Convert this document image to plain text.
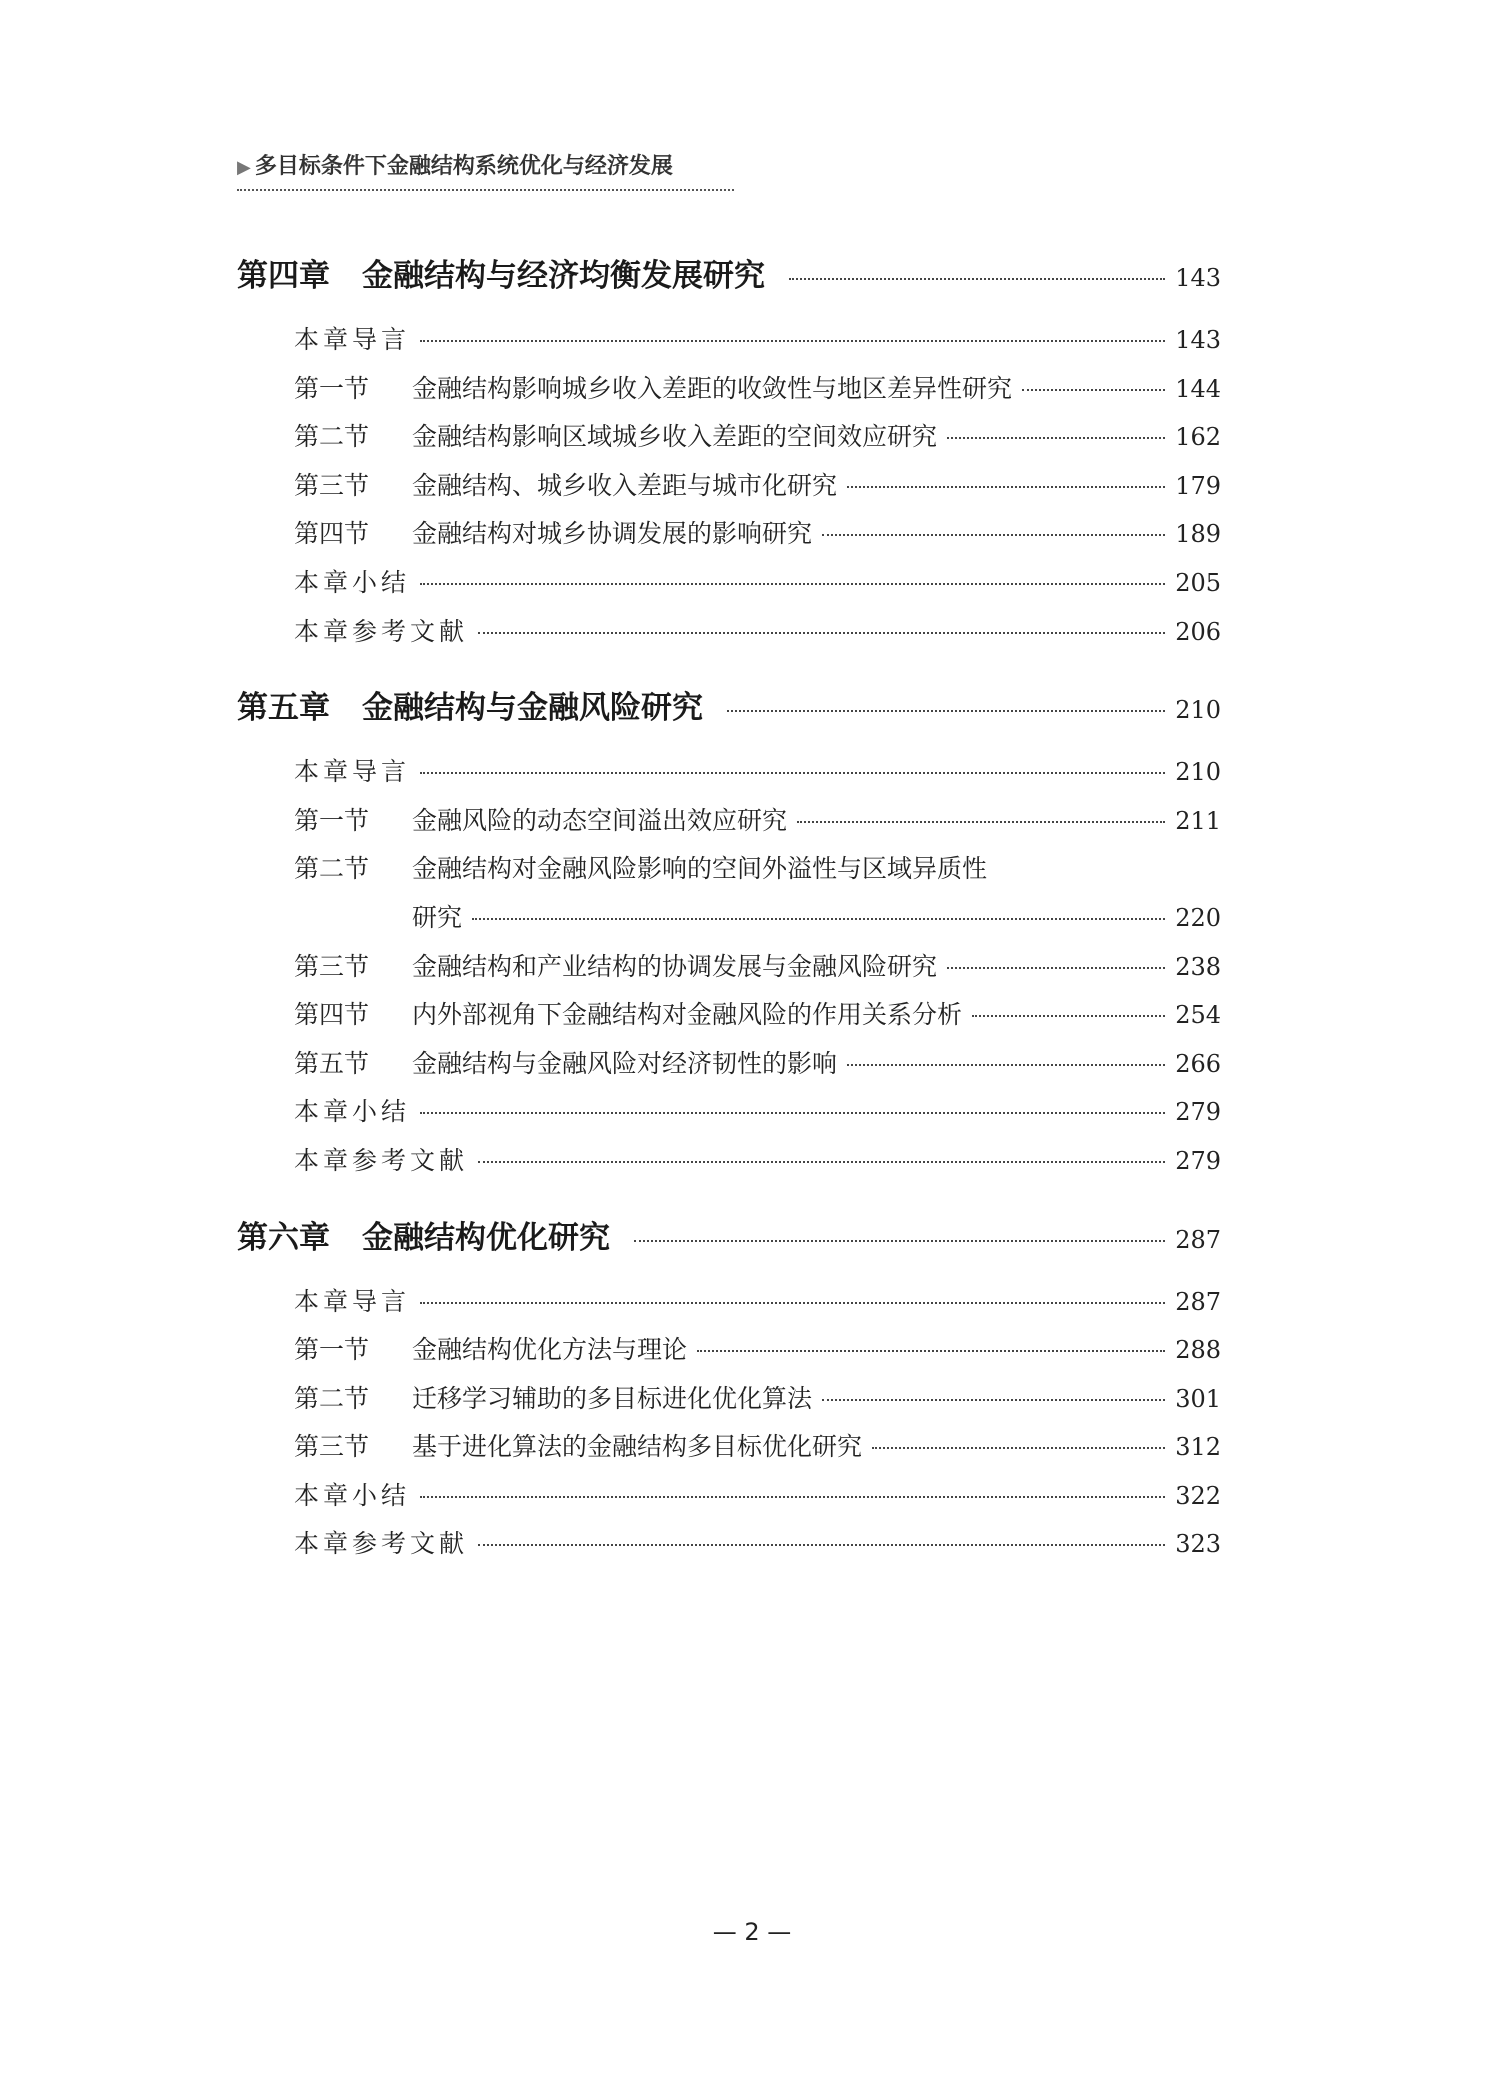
▶ 多目标条件下金融结构系统优化与经济发展
第四章 金融结构与经济均衡发展研究	143
本章导言	143
第一节	金融结构影响城乡收入差距的收敛性与地区差异性研究	144
第二节	金融结构影响区域城乡收入差距的空间效应研究	162
第三节	金融结构、城乡收入差距与城市化研究	179
第四节	金融结构对城乡协调发展的影响研究	189
本章小结	205
本章参考文献	206
第五章 金融结构与金融风险研究	210
本章导言	210
第一节	金融风险的动态空间溢出效应研究	211
第二节	金融结构对金融风险影响的空间外溢性与区域异质性
研究	220
第三节	金融结构和产业结构的协调发展与金融风险研究	238
第四节	内外部视角下金融结构对金融风险的作用关系分析	254
第五节	金融结构与金融风险对经济韧性的影响	266
本章小结	279
本章参考文献	279
第六章 金融结构优化研究	287
本章导言	287
第一节	金融结构优化方法与理论	288
第二节	迁移学习辅助的多目标进化优化算法	301
第三节	基于进化算法的金融结构多目标优化研究	312
本章小结	322
本章参考文献	323
— 2 —
